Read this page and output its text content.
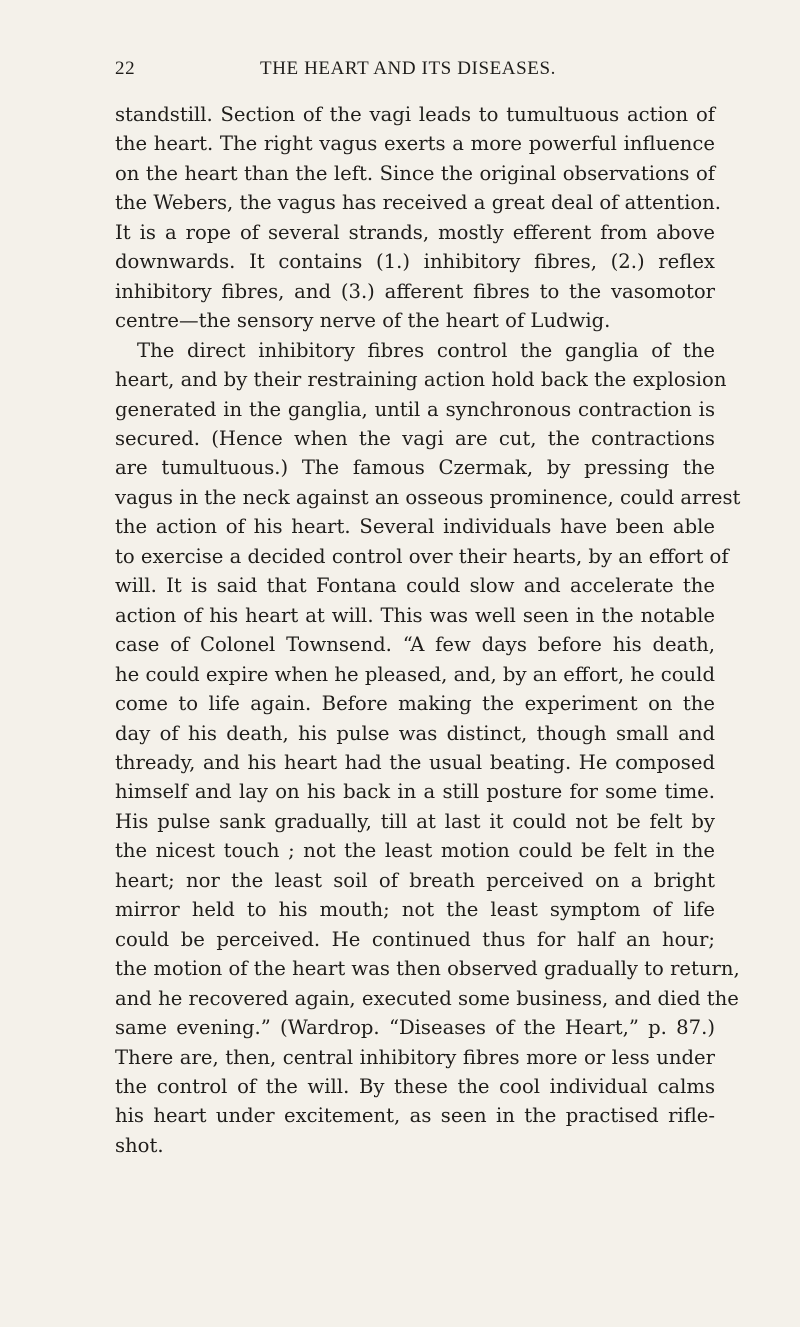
22	THE HEART AND ITS DISEASES.
standstill. Section of the vagi leads to tumultuous action of
the heart. The right vagus exerts a more powerful influence
on the heart than the left. Since the original observations of
the Webers, the vagus has received a great deal of attention.
It is a rope of several strands, mostly efferent from above
downwards. It contains (1.) inhibitory fibres, (2.) reflex
inhibitory fibres, and (3.) afferent fibres to the vasomotor
centre—the sensory nerve of the heart of Ludwig.
The direct inhibitory fibres control the ganglia of the
heart, and by their restraining action hold back the explosion
generated in the ganglia, until a synchronous contraction is
secured. (Hence when the vagi are cut, the contractions
are tumultuous.) The famous Czermak, by pressing the
vagus in the neck against an osseous prominence, could arrest
the action of his heart. Several individuals have been able
to exercise a decided control over their hearts, by an effort of
will. It is said that Fontana could slow and accelerate the
action of his heart at will. This was well seen in the notable
case of Colonel Townsend. “A few days before his death,
he could expire when he pleased, and, by an effort, he could
come to life again. Before making the experiment on the
day of his death, his pulse was distinct, though small and
thready, and his heart had the usual beating. He composed
himself and lay on his back in a still posture for some time.
His pulse sank gradually, till at last it could not be felt by
the nicest touch ; not the least motion could be felt in the
heart; nor the least soil of breath perceived on a bright
mirror held to his mouth; not the least symptom of life
could be perceived. He continued thus for half an hour;
the motion of the heart was then observed gradually to return,
and he recovered again, executed some business, and died the
same evening.” (Wardrop. “Diseases of the Heart,” p. 87.)
There are, then, central inhibitory fibres more or less under
the control of the will. By these the cool individual calms
his heart under excitement, as seen in the practised rifle-
shot.
